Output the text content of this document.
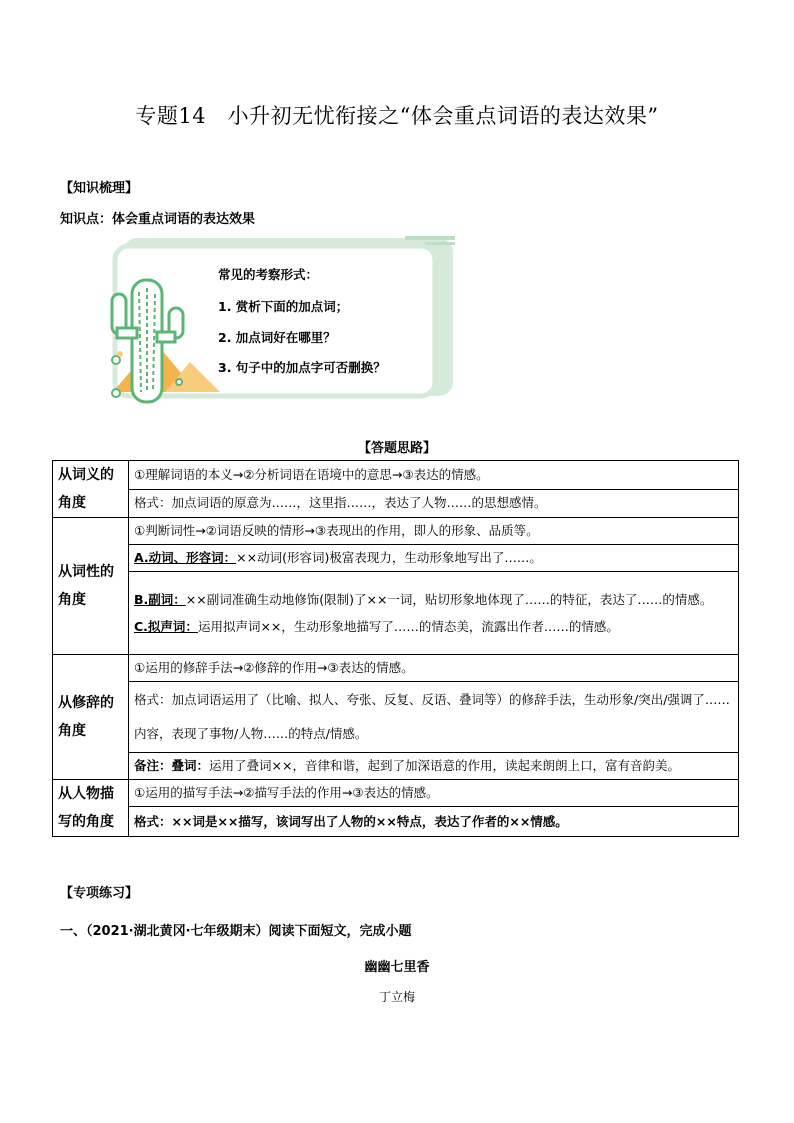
专题14　小升初无忧衔接之“体会重点词语的表达效果”
【知识梳理】
知识点：体会重点词语的表达效果
常见的考察形式：
1. 赏析下面的加点词；
2. 加点词好在哪里？
3. 句子中的加点字可否删换？
【答题思路】
从词义的角度	①理解词语的本义→②分析词语在语境中的意思→③表达的情感。
	格式：加点词语的原意为……，这里指……，表达了人物……的思想感情。
从词性的角度	①判断词性→②词语反映的情形→③表现出的作用，即人的形象、品质等。
	A.动词、形容词：××动词(形容词)极富表现力，生动形象地写出了……。

	B.副词：××副词准确生动地修饰(限制)了××一词，贴切形象地体现了……的特征，表达了……的情感。
C.拟声词：运用拟声词××，生动形象地描写了……的情态美，流露出作者……的情感。

从修辞的角度	①运用的修辞手法→②修辞的作用→③表达的情感。
	格式：加点词语运用了（比喻、拟人、夸张、反复、反语、叠词等）的修辞手法，生动形象/突出/强调了……内容，表现了事物/人物……的特点/情感。
	备注：叠词：运用了叠词××，音律和谐，起到了加深语意的作用，读起来朗朗上口，富有音韵美。
从人物描写的角度	①运用的描写手法→②描写手法的作用→③表达的情感。
	格式：××词是××描写，该词写出了人物的××特点，表达了作者的××情感。
【专项练习】
一、（2021·湖北黄冈·七年级期末）阅读下面短文，完成小题
幽幽七里香
丁立梅
